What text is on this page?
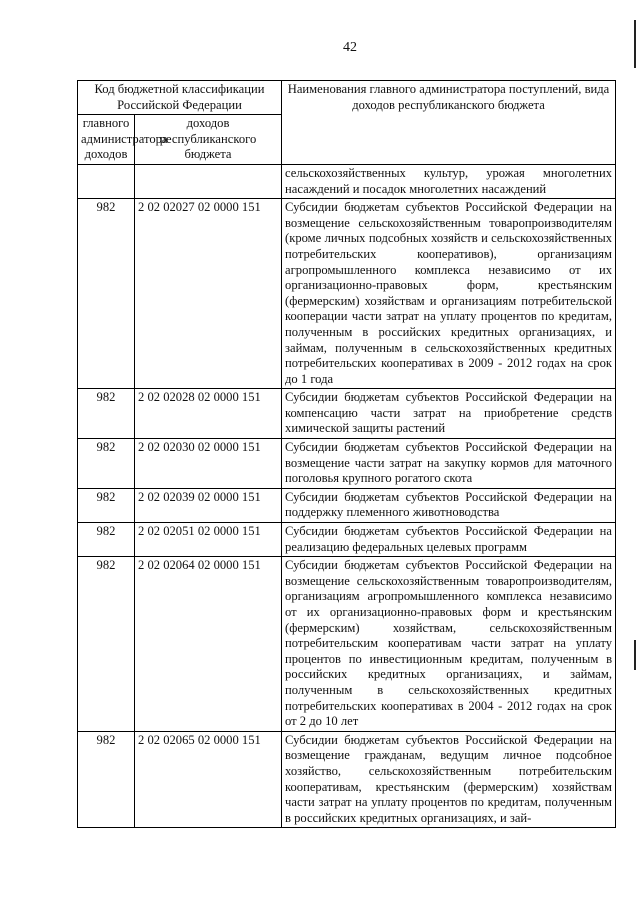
42
Код бюджетной классификации Российской Федерации		Наименования главного администратора поступлений, вида доходов республиканского бюджета
главного администратора доходов	доходов республиканского бюджета	
		сельскохозяйственных культур, урожая многолетних насаждений и посадок многолетних насаждений
982	2 02 02027 02 0000 151	Субсидии бюджетам субъектов Российской Федерации на возмещение сельскохозяйственным товаропроизводителям (кроме личных подсобных хозяйств и сельскохозяйственных потребительских кооперативов), организациям агропромышленного комплекса независимо от их организационно-правовых форм, крестьянским (фермерским) хозяйствам и организациям потребительской кооперации части затрат на уплату процентов по кредитам, полученным в российских кредитных организациях, и займам, полученным в сельскохозяйственных кредитных потребительских кооперативах в 2009 - 2012 годах на срок до 1 года
982	2 02 02028 02 0000 151	Субсидии бюджетам субъектов Российской Федерации на компенсацию части затрат на приобретение средств химической защиты растений
982	2 02 02030 02 0000 151	Субсидии бюджетам субъектов Российской Федерации на возмещение части затрат на закупку кормов для маточного поголовья крупного рогатого скота
982	2 02 02039 02 0000 151	Субсидии бюджетам субъектов Российской Федерации на поддержку племенного животноводства
982	2 02 02051 02 0000 151	Субсидии бюджетам субъектов Российской Федерации на реализацию федеральных целевых программ
982	2 02 02064 02 0000 151	Субсидии бюджетам субъектов Российской Федерации на возмещение сельскохозяйственным товаропроизводителям, организациям агропромышленного комплекса независимо от их организационно-правовых форм и крестьянским (фермерским) хозяйствам, сельскохозяйственным потребительским кооперативам части затрат на уплату процентов по инвестиционным кредитам, полученным в российских кредитных организациях, и займам, полученным в сельскохозяйственных кредитных потребительских кооперативах в 2004 - 2012 годах на срок от 2 до 10 лет
982	2 02 02065 02 0000 151	Субсидии бюджетам субъектов Российской Федерации на возмещение гражданам, ведущим личное подсобное хозяйство, сельскохозяйственным потребительским кооперативам, крестьянским (фермерским) хозяйствам части затрат на уплату процентов по кредитам, полученным в российских кредитных организациях, и зай-
